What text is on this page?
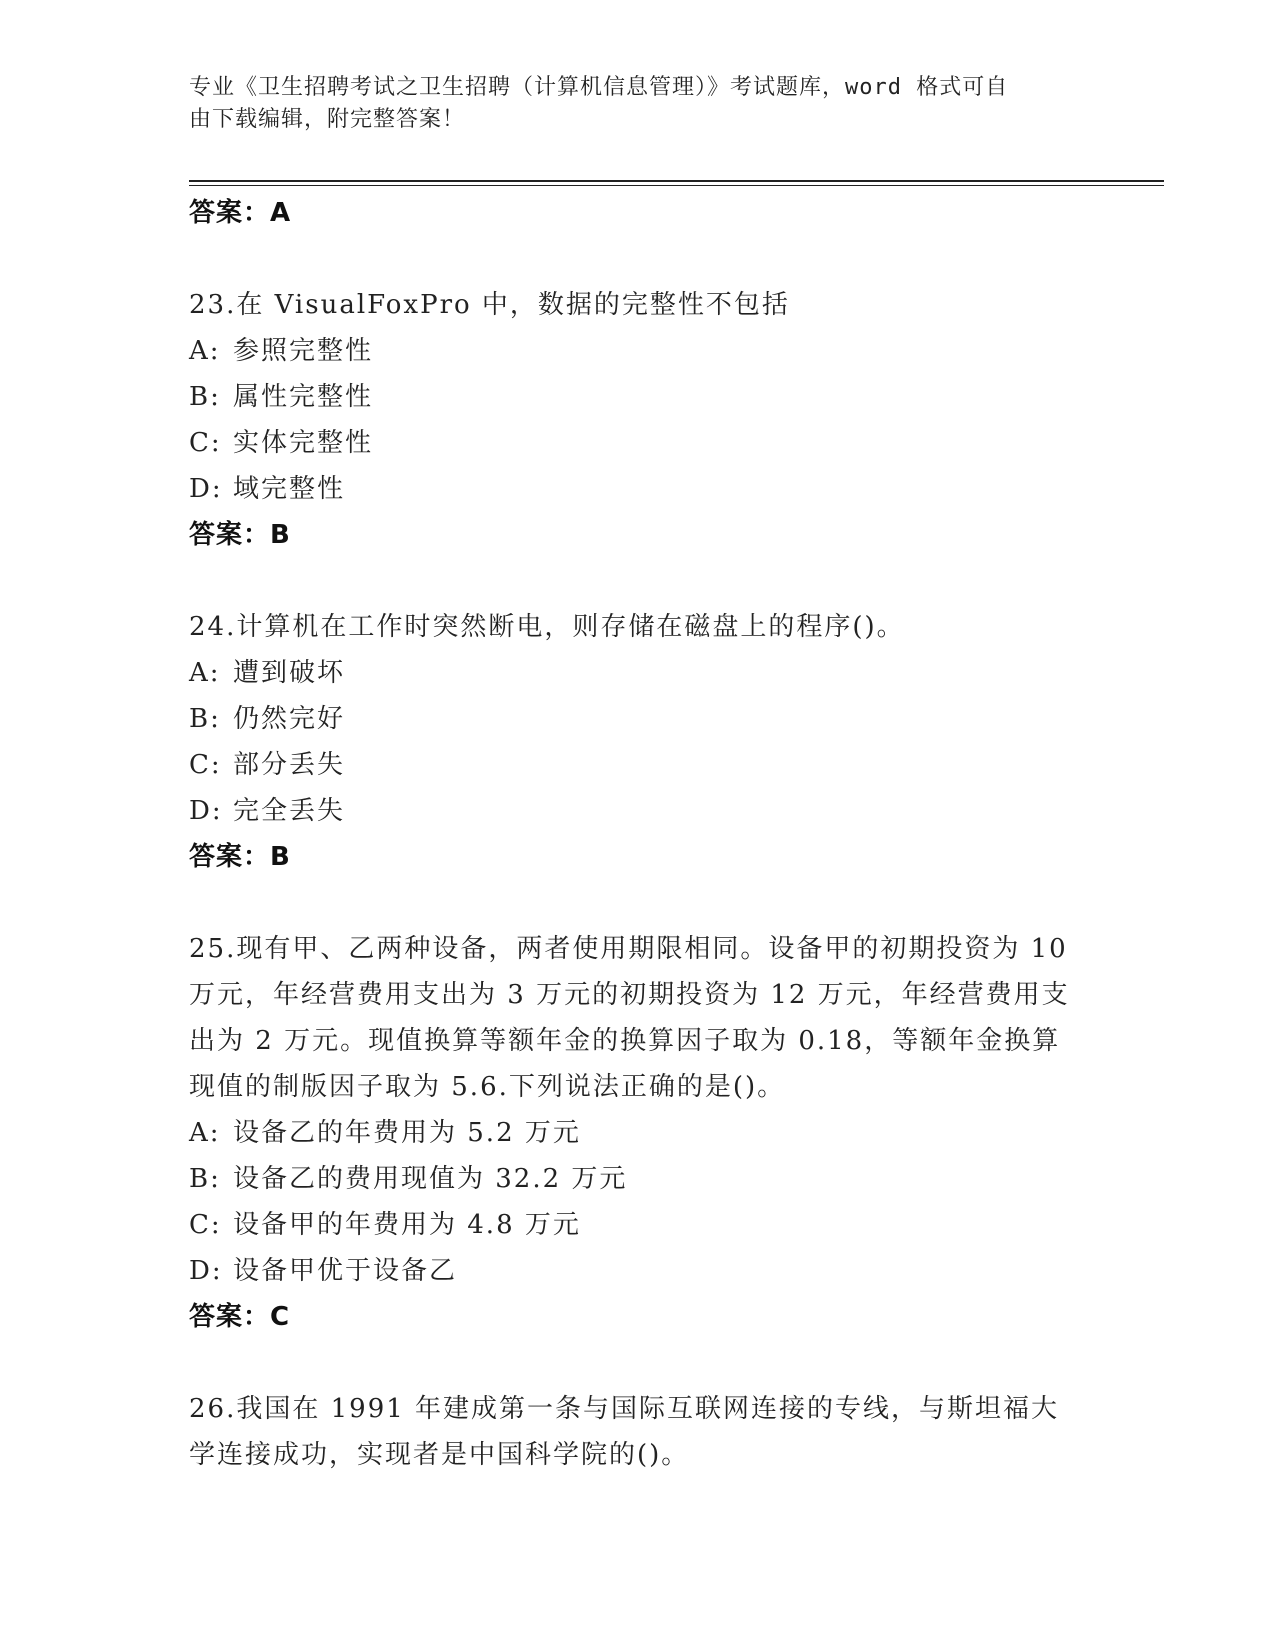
专业《卫生招聘考试之卫生招聘（计算机信息管理）》考试题库，word 格式可自
由下载编辑，附完整答案！
答案：A
23.在 VisualFoxPro 中，数据的完整性不包括
A: 参照完整性
B: 属性完整性
C: 实体完整性
D: 域完整性
答案：B
24.计算机在工作时突然断电，则存储在磁盘上的程序()。
A: 遭到破坏
B: 仍然完好
C: 部分丢失
D: 完全丢失
答案：B
25.现有甲、乙两种设备，两者使用期限相同。设备甲的初期投资为 10
万元，年经营费用支出为 3 万元的初期投资为 12 万元，年经营费用支
出为 2 万元。现值换算等额年金的换算因子取为 0.18，等额年金换算
现值的制版因子取为 5.6.下列说法正确的是()。
A: 设备乙的年费用为 5.2 万元
B: 设备乙的费用现值为 32.2 万元
C: 设备甲的年费用为 4.8 万元
D: 设备甲优于设备乙
答案：C
26.我国在 1991 年建成第一条与国际互联网连接的专线，与斯坦福大
学连接成功，实现者是中国科学院的()。
